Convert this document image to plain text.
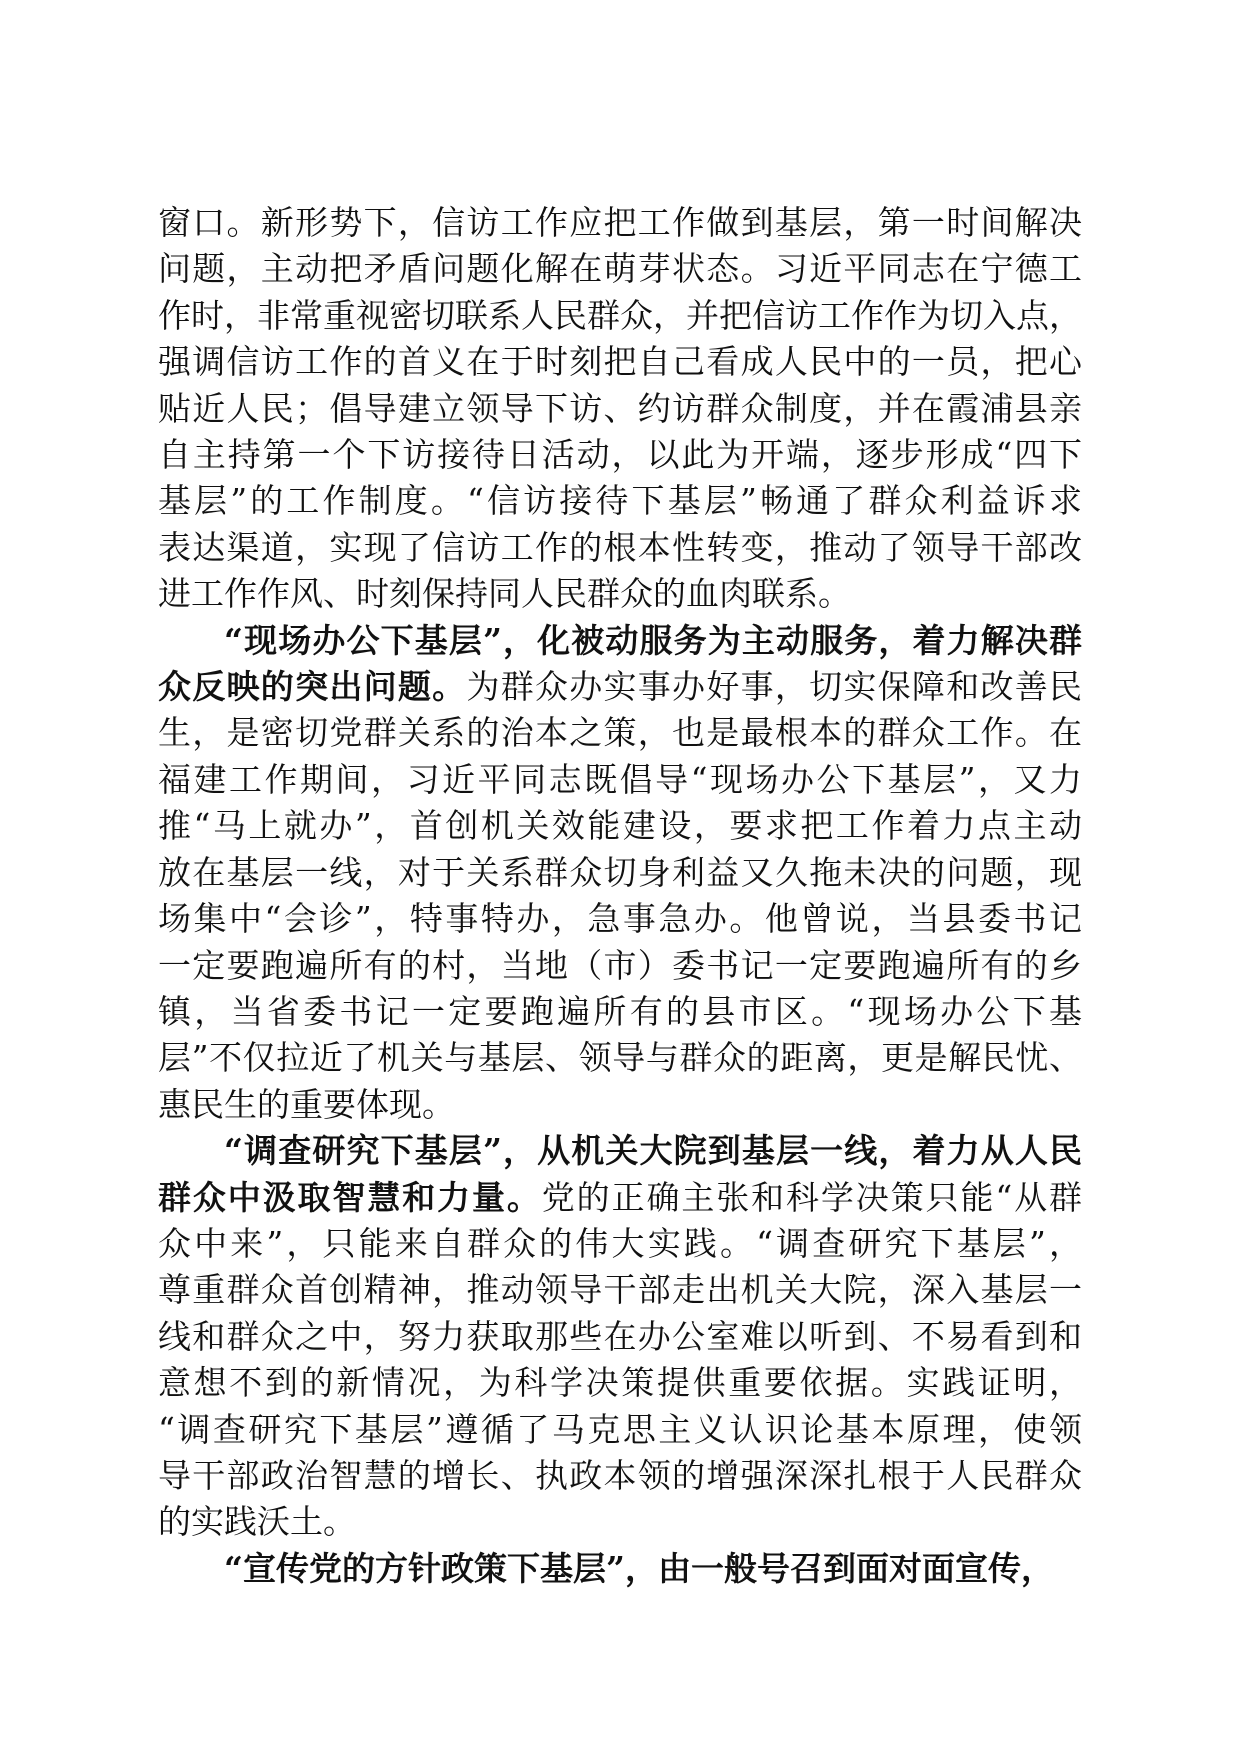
窗口。新形势下，信访工作应把工作做到基层，第一时间解决
问题，主动把矛盾问题化解在萌芽状态。习近平同志在宁德工
作时，非常重视密切联系人民群众，并把信访工作作为切入点，
强调信访工作的首义在于时刻把自己看成人民中的一员，把心
贴近人民；倡导建立领导下访、约访群众制度，并在霞浦县亲
自主持第一个下访接待日活动，以此为开端，逐步形成“四下
基层”的工作制度。“信访接待下基层”畅通了群众利益诉求
表达渠道，实现了信访工作的根本性转变，推动了领导干部改
进工作作风、时刻保持同人民群众的血肉联系。

“现场办公下基层”，化被动服务为主动服务，着力解决群
众反映的突出问题。为群众办实事办好事，切实保障和改善民
生，是密切党群关系的治本之策，也是最根本的群众工作。在
福建工作期间，习近平同志既倡导“现场办公下基层”，又力
推“马上就办”，首创机关效能建设，要求把工作着力点主动
放在基层一线，对于关系群众切身利益又久拖未决的问题，现
场集中“会诊”，特事特办，急事急办。他曾说，当县委书记
一定要跑遍所有的村，当地（市）委书记一定要跑遍所有的乡
镇，当省委书记一定要跑遍所有的县市区。“现场办公下基
层”不仅拉近了机关与基层、领导与群众的距离，更是解民忧、
惠民生的重要体现。

“调查研究下基层”，从机关大院到基层一线，着力从人民
群众中汲取智慧和力量。党的正确主张和科学决策只能“从群
众中来”，只能来自群众的伟大实践。“调查研究下基层”，
尊重群众首创精神，推动领导干部走出机关大院，深入基层一
线和群众之中，努力获取那些在办公室难以听到、不易看到和
意想不到的新情况，为科学决策提供重要依据。实践证明，
“调查研究下基层”遵循了马克思主义认识论基本原理，使领
导干部政治智慧的增长、执政本领的增强深深扎根于人民群众
的实践沃土。

“宣传党的方针政策下基层”，由一般号召到面对面宣传，
